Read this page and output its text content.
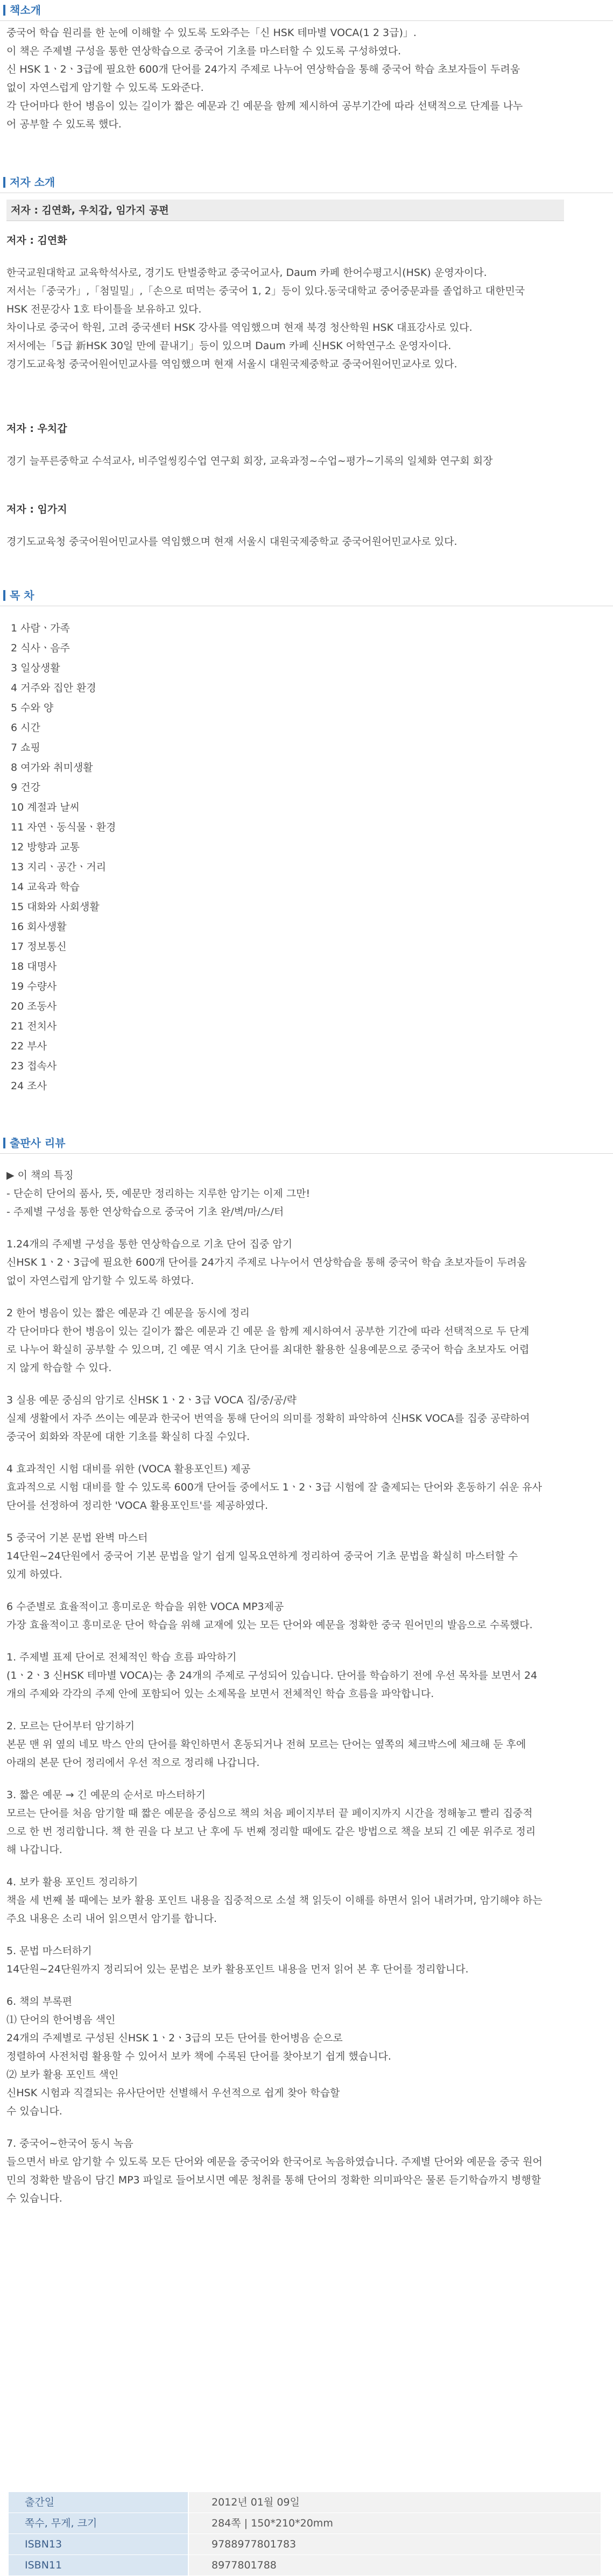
책소개

중국어 학습 원리를 한 눈에 이해할 수 있도록 도와주는「신 HSK 테마별 VOCA(1 2 3급)」.

이 책은 주제별 구성을 통한 연상학습으로 중국어 기초를 마스터할 수 있도록 구성하였다.

신 HSK 1ㆍ2ㆍ3급에 필요한 600개 단어를 24가지 주제로 나누어 연상학습을 통해 중국어 학습 초보자들이 두려움

없이 자연스럽게 암기할 수 있도록 도와준다.

각 단어마다 한어 병음이 있는 길이가 짧은 예문과 긴 예문을 함께 제시하여 공부기간에 따라 선택적으로 단계를 나누

어 공부할 수 있도록 했다.

저자 소개
저자 : 김연화, 우치갑, 임가지 공편

저자 : 김연화

한국교원대학교 교육학석사로, 경기도 탄벌중학교 중국어교사, Daum 카페 한어수평고시(HSK) 운영자이다.

저서는「중국가」,「첨밀밀」,「손으로 떠먹는 중국어 1, 2」등이 있다.동국대학교 중어중문과를 졸업하고 대한민국

HSK 전문강사 1호 타이틀을 보유하고 있다.

차이나로 중국어 학원, 고려 중국센터 HSK 강사를 역임했으며 현재 북경 청산학원 HSK 대표강사로 있다.

저서에는「5급 新HSK 30일 만에 끝내기」등이 있으며 Daum 카페 신HSK 어학연구소 운영자이다.

경기도교육청 중국어원어민교사를 역임했으며 현재 서울시 대원국제중학교 중국어원어민교사로 있다.

저자 : 우치갑

경기 늘푸른중학교 수석교사, 비주얼씽킹수업 연구회 회장, 교육과정~수업~평가~기록의 일체화 연구회 회장

저자 : 임가지

경기도교육청 중국어원어민교사를 역임했으며 현재 서울시 대원국제중학교 중국어원어민교사로 있다.

목 차
1 사람ㆍ가족
2 식사ㆍ음주
3 일상생활
4 거주와 집안 환경
5 수와 양
6 시간
7 쇼핑
8 여가와 취미생활
9 건강
10 계절과 날씨
11 자연ㆍ동식물ㆍ환경
12 방향과 교통
13 지리ㆍ공간ㆍ거리
14 교육과 학습
15 대화와 사회생활
16 회사생활
17 정보통신
18 대명사
19 수량사
20 조동사
21 전치사
22 부사
23 접속사
24 조사
출판사 리뷰

▶ 이 책의 특징

- 단순히 단어의 품사, 뜻, 예문만 정리하는 지루한 암기는 이제 그만!

- 주제별 구성을 통한 연상학습으로 중국어 기초 완/벽/마/스/터

1.24개의 주제별 구성을 통한 연상학습으로 기초 단어 집중 암기

신HSK 1ㆍ2ㆍ3급에 필요한 600개 단어를 24가지 주제로 나누어서 연상학습을 통해 중국어 학습 초보자들이 두려움

없이 자연스럽게 암기할 수 있도록 하였다.

2 한어 병음이 있는 짧은 예문과 긴 예문을 동시에 정리

각 단어마다 한어 병음이 있는 길이가 짧은 예문과 긴 예문 을 함께 제시하여서 공부한 기간에 따라 선택적으로 두 단계

로 나누어 확실히 공부할 수 있으며, 긴 예문 역시 기초 단어를 최대한 활용한 실용예문으로 중국어 학습 초보자도 어렵

지 않게 학습할 수 있다.

3 실용 예문 중심의 암기로 신HSK 1ㆍ2ㆍ3급 VOCA 집/중/공/략

실제 생활에서 자주 쓰이는 예문과 한국어 번역을 통해 단어의 의미를 정확히 파악하여 신HSK VOCA를 집중 공략하여

중국어 회화와 작문에 대한 기초를 확실히 다질 수있다.

4 효과적인 시험 대비를 위한 (VOCA 활용포인트) 제공

효과적으로 시험 대비를 할 수 있도록 600개 단어들 중에서도 1ㆍ2ㆍ3급 시험에 잘 출제되는 단어와 혼동하기 쉬운 유사

단어를 선정하여 정리한 'VOCA 활용포인트'를 제공하였다.

5 중국어 기본 문법 완벽 마스터

14단원~24단원에서 중국어 기본 문법을 알기 쉽게 일목요연하게 정리하여 중국어 기초 문법을 확실히 마스터할 수

있게 하였다.

6 수준별로 효율적이고 흥미로운 학습을 위한 VOCA MP3제공

가장 효율적이고 흥미로운 단어 학습을 위해 교재에 있는 모든 단어와 예문을 정확한 중국 원어민의 발음으로 수록했다.

1. 주제별 표제 단어로 전체적인 학습 흐름 파악하기

(1ㆍ2ㆍ3 신HSK 테마별 VOCA)는 총 24개의 주제로 구성되어 있습니다. 단어를 학습하기 전에 우선 목차를 보면서 24

개의 주제와 각각의 주제 안에 포함되어 있는 소제목을 보면서 전체적인 학습 흐름을 파악합니다.

2. 모르는 단어부터 암기하기

본문 맨 위 옆의 네모 박스 안의 단어를 확인하면서 혼동되거나 전혀 모르는 단어는 옆쪽의 체크박스에 체크해 둔 후에

아래의 본문 단어 정리에서 우선 적으로 정리해 나갑니다.

3. 짧은 예문 → 긴 예문의 순서로 마스터하기

모르는 단어를 처음 암기할 때 짧은 예문을 중심으로 책의 처음 페이지부터 끝 페이지까지 시간을 정해놓고 빨리 집중적

으로 한 번 정리합니다. 책 한 권을 다 보고 난 후에 두 번째 정리할 때에도 같은 방법으로 책을 보되 긴 예문 위주로 정리

해 나갑니다.

4. 보카 활용 포인트 정리하기

책을 세 번째 볼 때에는 보카 활용 포인트 내용을 집중적으로 소설 책 읽듯이 이해를 하면서 읽어 내려가며, 암기해야 하는

주요 내용은 소리 내어 읽으면서 암기를 합니다.

5. 문법 마스터하기

14단원~24단원까지 정리되어 있는 문법은 보카 활용포인트 내용을 먼저 읽어 본 후 단어를 정리합니다.

6. 책의 부록편

⑴ 단어의 한어병음 색인

24개의 주제별로 구성된 신HSK 1ㆍ2ㆍ3급의 모든 단어를 한어병음 순으로

정렬하여 사전처럼 활용할 수 있어서 보카 책에 수록된 단어를 찾아보기 쉽게 했습니다.

⑵ 보카 활용 포인트 색인

신HSK 시험과 직결되는 유사단어만 선별해서 우선적으로 쉽게 찾아 학습할

수 있습니다.

7. 중국어~한국어 동시 녹음

들으면서 바로 암기할 수 있도록 모든 단어와 예문을 중국어와 한국어로 녹음하였습니다. 주제별 단어와 예문을 중국 원어

민의 정확한 발음이 담긴 MP3 파일로 들어보시면 예문 청취를 통해 단어의 정확한 의미파악은 물론 듣기학습까지 병행할

수 있습니다.

출간일	2012년 01월 09일
쪽수, 무게, 크기	284쪽 | 150*210*20mm
ISBN13	9788977801783
ISBN11	8977801788
